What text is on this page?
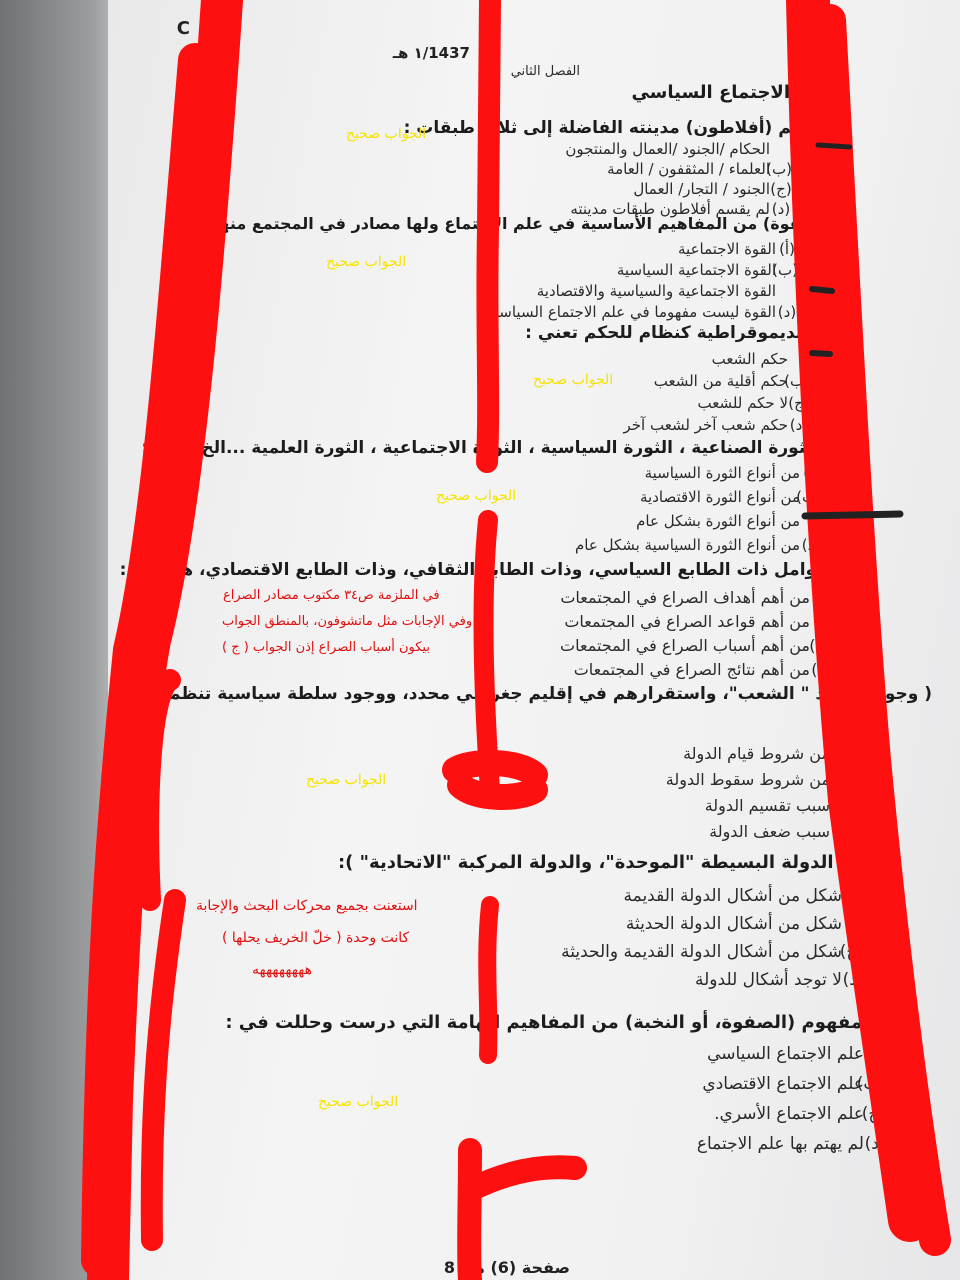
C
1437/١ هـ
الفصل الثاني
الاجتماع السياسي
قسم (أفلاطون) مدينته الفاضلة إلى ثلاث طبقات :
الحكام /الجنود /العمال والمنتجون
(ب)العلماء / المثقفون / العامة
(ج)الجنود / التجار/ العمال
(د)لم يقسم أفلاطون طبقات مدينته
(القوة) من المفاهيم الأساسية في علم الاجتماع ولها مصادر في المجتمع منها:
(أ)القوة الاجتماعية
(ب)القوة الاجتماعية السياسية
القوة الاجتماعية والسياسية والاقتصادية
(د)القوة ليست مفهوما في علم الاجتماع السياسي
الديموقراطية كنظام للحكم تعني :
حكم الشعب
(ب)حكم أقلية من الشعب
(ج)لا حكم للشعب
(د)حكم شعب آخر لشعب آخر
الثورة الصناعية ، الثورة السياسية ، الثورة الاجتماعية ، الثورة العلمية ...الخ ، هي :
(أ)من أنواع الثورة السياسية
(ب)من أنواع الثورة الاقتصادية
من أنواع الثورة بشكل عام
(د)من أنواع الثورة السياسية بشكل عام
العوامل ذات الطابع السياسي، وذات الطابع الثقافي، وذات الطابع الاقتصادي، هي من :
(أ)من أهم أهداف الصراع في المجتمعات
من أهم قواعد الصراع في المجتمعات
(ج)من أهم أسباب الصراع في المجتمعات
(د)من أهم نتائج الصراع في المجتمعات
( وجود الأفراد " الشعب"، واستقرارهم في إقليم جغرافي محدد، ووجود سلطة سياسية تنظمهم)
يعتبر:
من شروط قيام الدولة
(ب)من شروط سقوط الدولة
(ج)سبب تقسيم الدولة
(د)سبب ضعف الدولة
( الدولة البسيطة "الموحدة"، والدولة المركبة "الاتحادية" ):
(أ)شكل من أشكال الدولة القديمة
شكل من أشكال الدولة الحديثة
(ج)شكل من أشكال الدولة القديمة والحديثة
(د)لا توجد أشكال للدولة
مفهوم (الصفوة، أو النخبة) من المفاهيم الهامة التي درست وحللت في :
علم الاجتماع السياسي
(ب)علم الاجتماع الاقتصادي
(ج)علم الاجتماع الأسري.
(د)لم يهتم بها علم الاجتماع
صفحة (6) من 8
الجواب صحيح
الجواب صحيح
الجواب صحيح
الجواب صحيح
الجواب صحيح
الجواب صحيح
في الملزمة ص٣٤ مكتوب مصادر الصراع
وفي الإجابات مثل ماتشوفون، بالمنطق الجواب
بيكون أسباب الصراع إذن الجواب ( ج )
استعنت بجميع محركات البحث والإجابة
كانت وحدة ( خلّ الخريف يحلها )
ههههههههه
